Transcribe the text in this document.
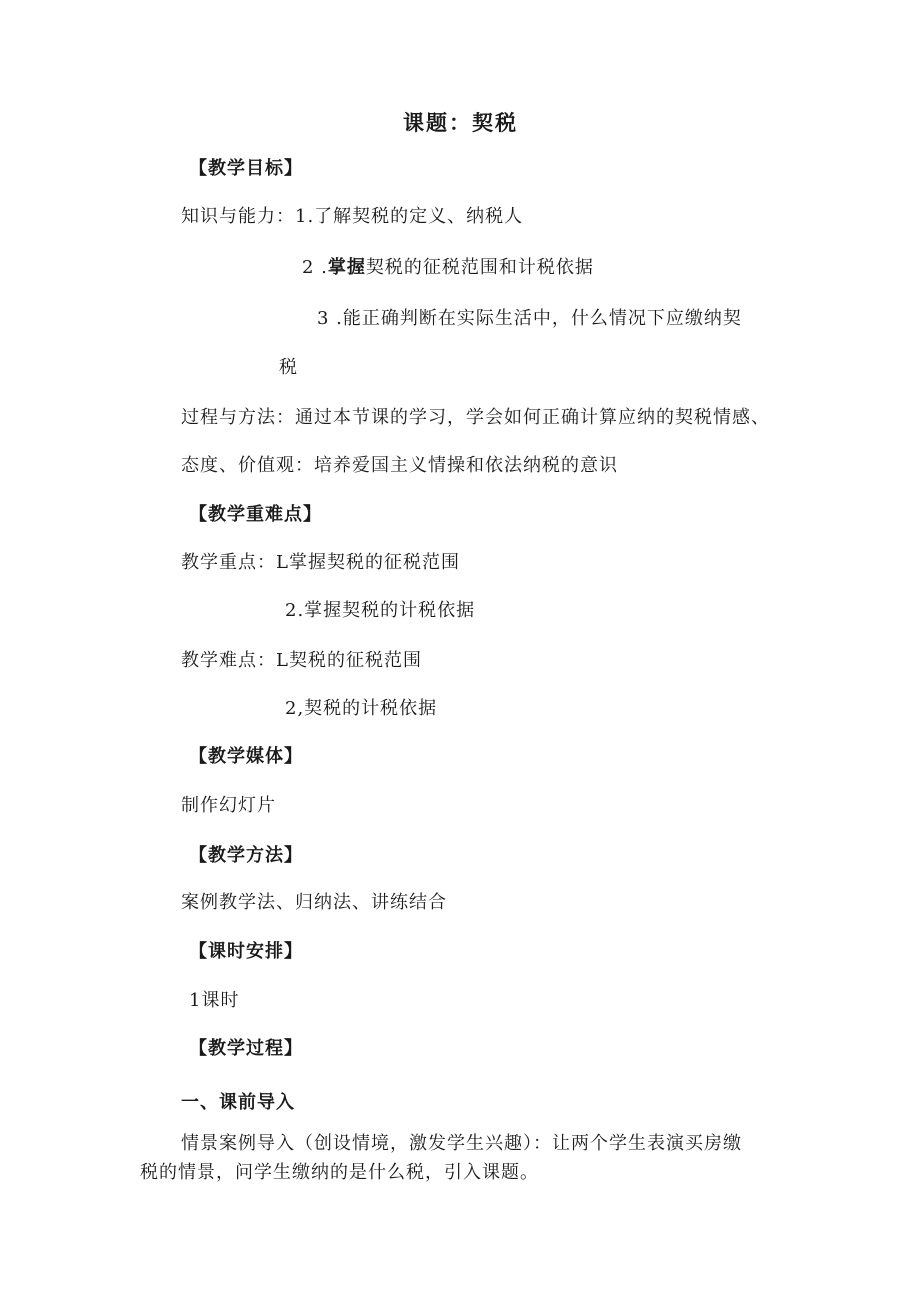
课题：契税
【教学目标】
知识与能力：1.了解契税的定义、纳税人
2 .掌握契税的征税范围和计税依据
3 .能正确判断在实际生活中，什么情况下应缴纳契
税
过程与方法：通过本节课的学习，学会如何正确计算应纳的契税情感、
态度、价值观：培养爱国主义情操和依法纳税的意识
【教学重难点】
教学重点：L掌握契税的征税范围
2.掌握契税的计税依据
教学难点：L契税的征税范围
2,契税的计税依据
【教学媒体】
制作幻灯片
【教学方法】
案例教学法、归纳法、讲练结合
【课时安排】
1课时
【教学过程】
一、课前导入
情景案例导入（创设情境，激发学生兴趣）：让两个学生表演买房缴
税的情景，问学生缴纳的是什么税，引入课题。
